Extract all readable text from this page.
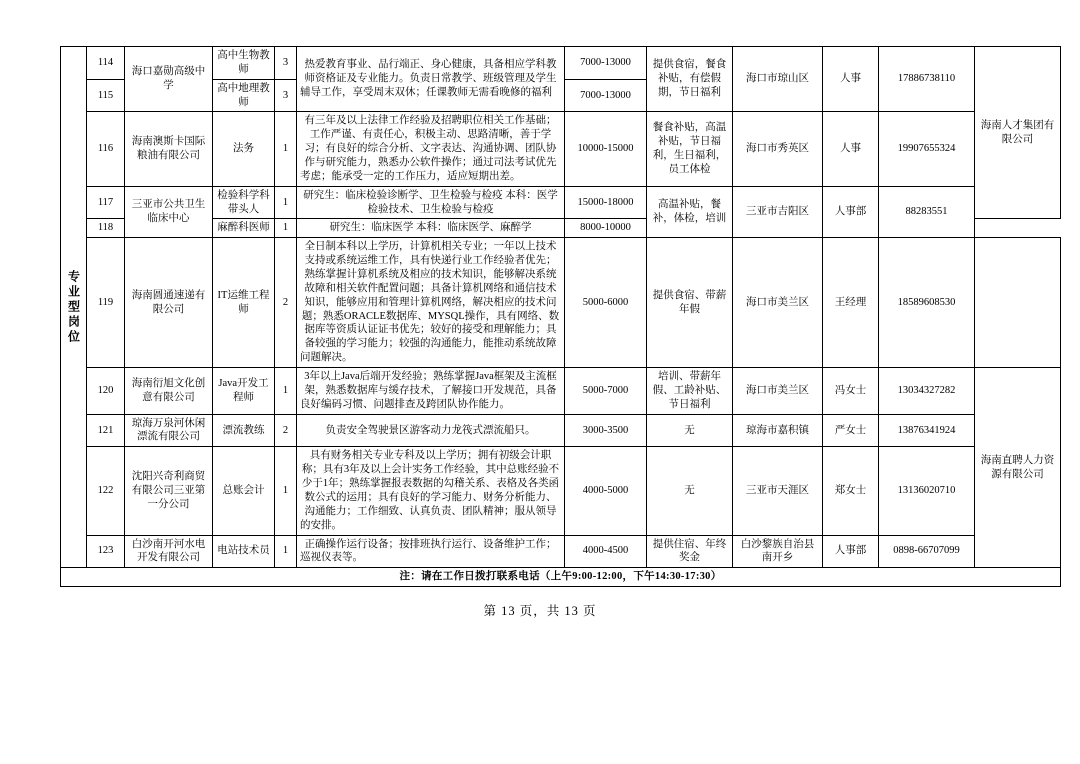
专业型岗位	114	海口嘉勋高级中学	高中生物教师	3	热爱教育事业、品行端正、身心健康，具备相应学科教师资格证及专业能力。负责日常教学、班级管理及学生辅导工作，享受周末双休；任课教师无需看晚修的福利	7000-13000	提供食宿，餐食补贴，有偿假期，节日福利	海口市琼山区	人事	17886738110	海南人才集团有限公司
	115		高中地理教师	3		7000-13000					
	116	海南澳斯卡国际粮油有限公司	法务	1	有三年及以上法律工作经验及招聘职位相关工作基础；工作严谨、有责任心，积极主动、思路清晰，善于学习；有良好的综合分析、文字表达、沟通协调、团队协作与研究能力，熟悉办公软件操作；通过司法考试优先考虑；能承受一定的工作压力，适应短期出差。	10000-15000	餐食补贴，高温补贴，节日福利，生日福利，员工体检	海口市秀英区	人事	19907655324	
	117	三亚市公共卫生临床中心	检验科学科带头人	1	研究生：临床检验诊断学、卫生检验与检疫 本科：医学检验技术、卫生检验与检疫	15000-18000	高温补贴，餐补，体检，培训	三亚市吉阳区	人事部	88283551	
	118		麻醉科医师	1	研究生：临床医学 本科：临床医学、麻醉学	8000-10000					
	119	海南圆通速递有限公司	IT运维工程师	2	全日制本科以上学历，计算机相关专业；一年以上技术支持或系统运维工作，具有快递行业工作经验者优先；熟练掌握计算机系统及相应的技术知识，能够解决系统故障和相关软件配置问题；具备计算机网络和通信技术知识，能够应用和管理计算机网络，解决相应的技术问题；熟悉ORACLE数据库、MYSQL操作，具有网络、数据库等资质认证证书优先；较好的接受和理解能力；具备较强的学习能力；较强的沟通能力，能推动系统故障问题解决。	5000-6000	提供食宿、带薪年假	海口市美兰区	王经理	18589608530	
	120	海南衍旭文化创意有限公司	Java开发工程师	1	3年以上Java后端开发经验；熟练掌握Java框架及主流框架，熟悉数据库与缓存技术，了解接口开发规范，具备良好编码习惯、问题排查及跨团队协作能力。	5000-7000	培训、带薪年假、工龄补贴、节日福利	海口市美兰区	冯女士	13034327282	海南直聘人力资源有限公司
	121	琼海万泉河休闲漂流有限公司	漂流教练	2	负责安全驾驶景区游客动力龙筏式漂流船只。	3000-3500	无	琼海市嘉积镇	严女士	13876341924	
	122	沈阳兴奇利商贸有限公司三亚第一分公司	总账会计	1	具有财务相关专业专科及以上学历；拥有初级会计职称；具有3年及以上会计实务工作经验，其中总账经验不少于1年；熟练掌握报表数据的勾稽关系、表格及各类函数公式的运用；具有良好的学习能力、财务分析能力、沟通能力；工作细致、认真负责、团队精神；服从领导的安排。	4000-5000	无	三亚市天涯区	郑女士	13136020710	
	123	白沙南开河水电开发有限公司	电站技术员	1	正确操作运行设备；按排班执行运行、设备维护工作；巡视仪表等。	4000-4500	提供住宿、年终奖金	白沙黎族自治县南开乡	人事部	0898-66707099	
注：请在工作日拨打联系电话（上午9:00-12:00，下午14:30-17:30）											
第 13 页，共 13 页
